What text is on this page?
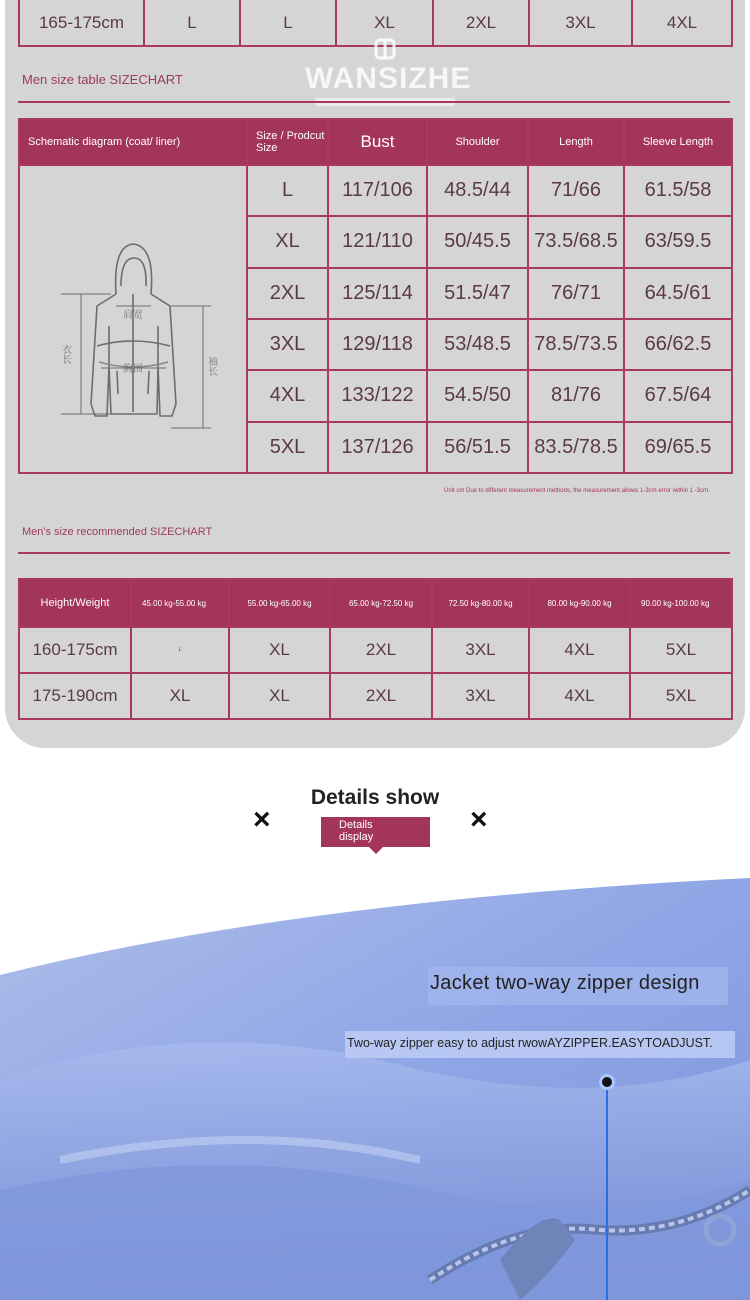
165-175cm	L	L	XL	2XL	3XL	4XL
WANSIZHE
Men size table SIZECHART
Schematic diagram (coat/ liner)	Size / Prodcut Size	Bust	Shoulder	Length	Sleeve Length

肩宽
胸围
衣长
袖长	L	117/106	48.5/44	71/66	61.5/58
	XL	121/110	50/45.5	73.5/68.5	63/59.5
	2XL	125/114	51.5/47	76/71	64.5/61
	3XL	129/118	53/48.5	78.5/73.5	66/62.5
	4XL	133/122	54.5/50	81/76	67.5/64
	5XL	137/126	56/51.5	83.5/78.5	69/65.5
Unit cm Due to different measurement methods, the measurement allows 1-3cm error within 1 -3cm.
Men's size recommended SIZECHART
Height/Weight	45.00 kg-55.00 kg	55.00 kg-65.00 kg	65.00 kg-72.50 kg	72.50 kg-80.00 kg	80.00 kg-90.00 kg	90.00 kg-100.00 kg
160-175cm	L	XL	2XL	3XL	4XL	5XL
175-190cm	XL	XL	2XL	3XL	4XL	5XL
×
Details show
Details display
×
Jacket two-way zipper design
Two-way zipper easy to adjust rwowAYZIPPER.EASYTOADJUST.
